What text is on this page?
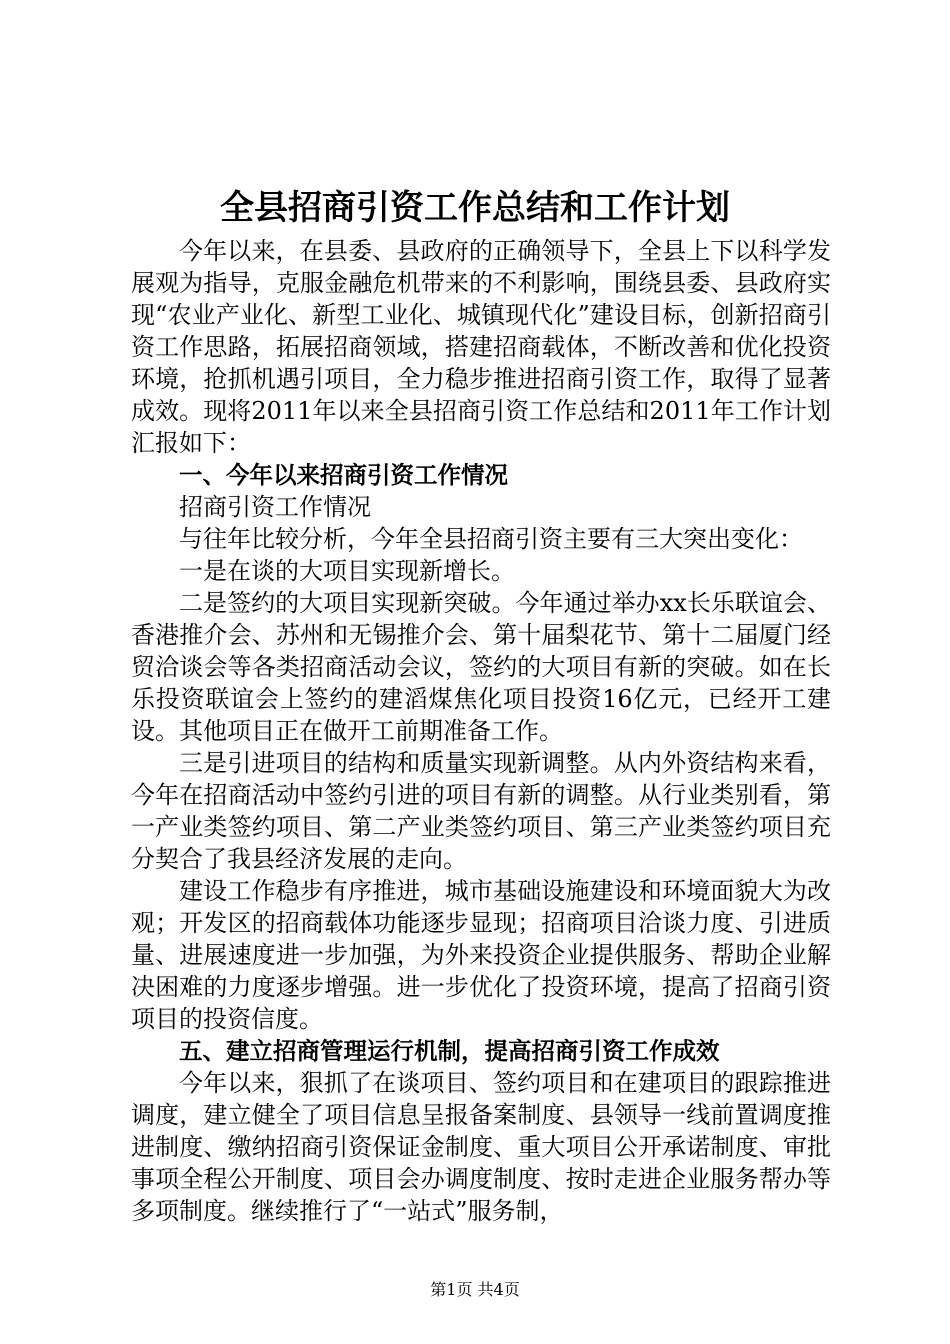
全县招商引资工作总结和工作计划

今年以来，在县委、县政府的正确领导下，全县上下以科学发展观为指导，克服金融危机带来的不利影响，围绕县委、县政府实现“农业产业化、新型工业化、城镇现代化”建设目标，创新招商引资工作思路，拓展招商领域，搭建招商载体，不断改善和优化投资环境，抢抓机遇引项目，全力稳步推进招商引资工作，取得了显著成效。现将2011年以来全县招商引资工作总结和2011年工作计划汇报如下：

一、今年以来招商引资工作情况

招商引资工作情况

与往年比较分析，今年全县招商引资主要有三大突出变化：

一是在谈的大项目实现新增长。

二是签约的大项目实现新突破。今年通过举办xx长乐联谊会、香港推介会、苏州和无锡推介会、第十届梨花节、第十二届厦门经贸洽谈会等各类招商活动会议，签约的大项目有新的突破。如在长乐投资联谊会上签约的建滔煤焦化项目投资16亿元，已经开工建设。其他项目正在做开工前期准备工作。

三是引进项目的结构和质量实现新调整。从内外资结构来看，今年在招商活动中签约引进的项目有新的调整。从行业类别看，第一产业类签约项目、第二产业类签约项目、第三产业类签约项目充分契合了我县经济发展的走向。

建设工作稳步有序推进，城市基础设施建设和环境面貌大为改观；开发区的招商载体功能逐步显现；招商项目洽谈力度、引进质量、进展速度进一步加强，为外来投资企业提供服务、帮助企业解决困难的力度逐步增强。进一步优化了投资环境，提高了招商引资项目的投资信度。

五、建立招商管理运行机制，提高招商引资工作成效

今年以来，狠抓了在谈项目、签约项目和在建项目的跟踪推进调度，建立健全了项目信息呈报备案制度、县领导一线前置调度推进制度、缴纳招商引资保证金制度、重大项目公开承诺制度、审批事项全程公开制度、项目会办调度制度、按时走进企业服务帮办等多项制度。继续推行了“一站式”服务制，

第1页 共4页
